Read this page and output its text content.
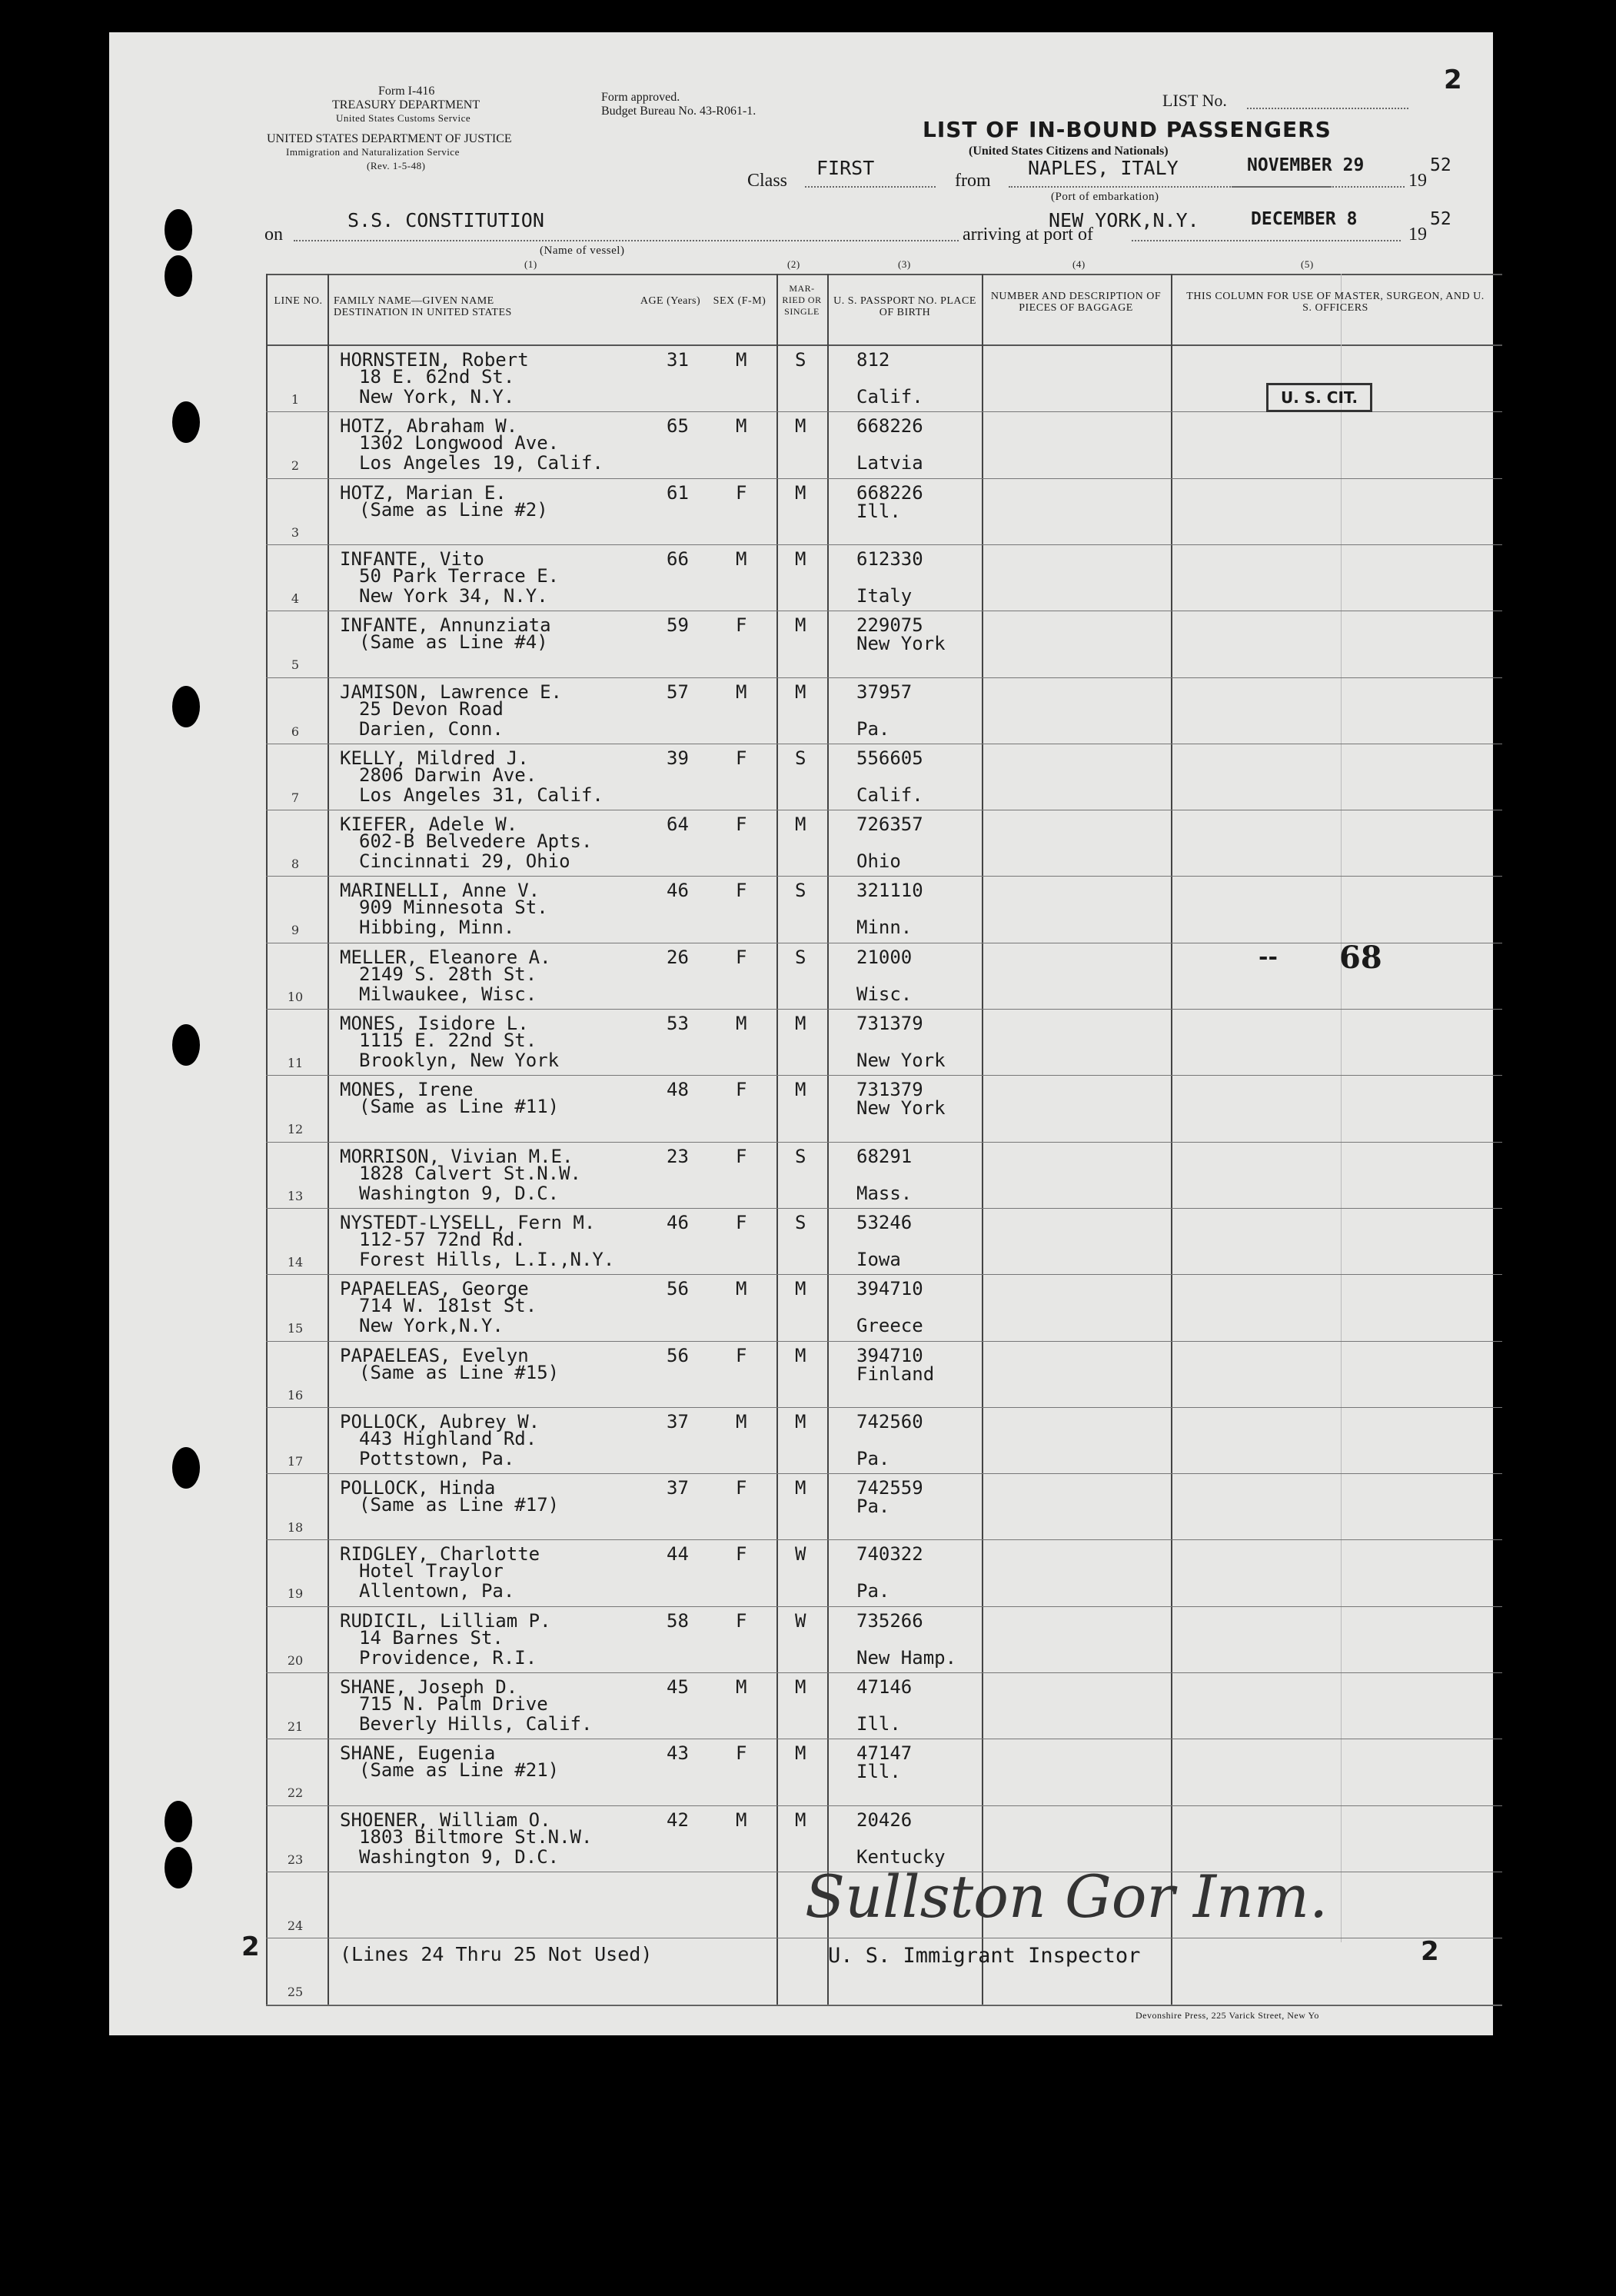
Form I-416
TREASURY DEPARTMENT
United States Customs Service
Form approved.
Budget Bureau No. 43-R061-1.
UNITED STATES DEPARTMENT OF JUSTICE
Immigration and Naturalization Service
(Rev. 1-5-48)
LIST No.
2
LIST OF IN-BOUND PASSENGERS
(United States Citizens and Nationals)
Class
FIRST
from
NAPLES, ITALY
(Port of embarkation)
NOVEMBER 29
19
52
on
S.S. CONSTITUTION
(Name of vessel)
arriving at port of
NEW YORK,N.Y.	DECEMBER 8
19
52
(1)	(2)	(3)	(4)	(5)
LINE NO.	FAMILY NAME—GIVEN NAME DESTINATION IN UNITED STATES
AGE (Years)	SEX (F-M)
MAR-RIED OR SINGLE
U. S. PASSPORT NO. PLACE OF BIRTH
NUMBER AND DESCRIPTION OF PIECES OF BAGGAGE
THIS COLUMN FOR USE OF MASTER, SURGEON, AND U. S. OFFICERS
1
HORNSTEIN, Robert
18 E. 62nd St.
New York, N.Y.
31	M	S	812
Calif.
2
HOTZ, Abraham W.
1302 Longwood Ave.
Los Angeles 19, Calif.
65	M	M	668226
Latvia
3
HOTZ, Marian E.
(Same as Line #2)
61	F	M	668226
Ill.
4
INFANTE, Vito
50 Park Terrace E.
New York 34, N.Y.
66	M	M	612330
Italy
5
INFANTE, Annunziata
(Same as Line #4)
59	F	M	229075
New York
6
JAMISON, Lawrence E.
25 Devon Road
Darien, Conn.
57	M	M	37957
Pa.
7
KELLY, Mildred J.
2806 Darwin Ave.
Los Angeles 31, Calif.
39	F	S	556605
Calif.
8
KIEFER, Adele W.
602-B Belvedere Apts.
Cincinnati 29, Ohio
64	F	M	726357
Ohio
9
MARINELLI, Anne V.
909 Minnesota St.
Hibbing, Minn.
46	F	S	321110
Minn.
10
MELLER, Eleanore A.
2149 S. 28th St.
Milwaukee, Wisc.
26	F	S	21000
Wisc.
11
MONES, Isidore L.
1115 E. 22nd St.
Brooklyn, New York
53	M	M	731379
New York
12
MONES, Irene
(Same as Line #11)
48	F	M	731379
New York
13
MORRISON, Vivian M.E.
1828 Calvert St.N.W.
Washington 9, D.C.
23	F	S	68291
Mass.
14
NYSTEDT-LYSELL, Fern M.
112-57 72nd Rd.
Forest Hills, L.I.,N.Y.
46	F	S	53246
Iowa
15
PAPAELEAS, George
714 W. 181st St.
New York,N.Y.
56	M	M	394710
Greece
16
PAPAELEAS, Evelyn
(Same as Line #15)
56	F	M	394710
Finland
17
POLLOCK, Aubrey W.
443 Highland Rd.
Pottstown, Pa.
37	M	M	742560
Pa.
18
POLLOCK, Hinda
(Same as Line #17)
37	F	M	742559
Pa.
19
RIDGLEY, Charlotte
Hotel Traylor
Allentown, Pa.
44	F	W	740322
Pa.
20
RUDICIL, Lilliam P.
14 Barnes St.
Providence, R.I.
58	F	W	735266
New Hamp.
21
SHANE, Joseph D.
715 N. Palm Drive
Beverly Hills, Calif.
45	M	M	47146
Ill.
22
SHANE, Eugenia
(Same as Line #21)
43	F	M	47147
Ill.
23
SHOENER, William O.
1803 Biltmore St.N.W.
Washington 9, D.C.
42	M	M	20426
Kentucky
24
25
(Lines 24 Thru 25 Not Used)
U. S. CIT.
-- 68
Sullston Gor Inm.
U. S. Immigrant Inspector
2	2
Devonshire Press, 225 Varick Street, New Yo
